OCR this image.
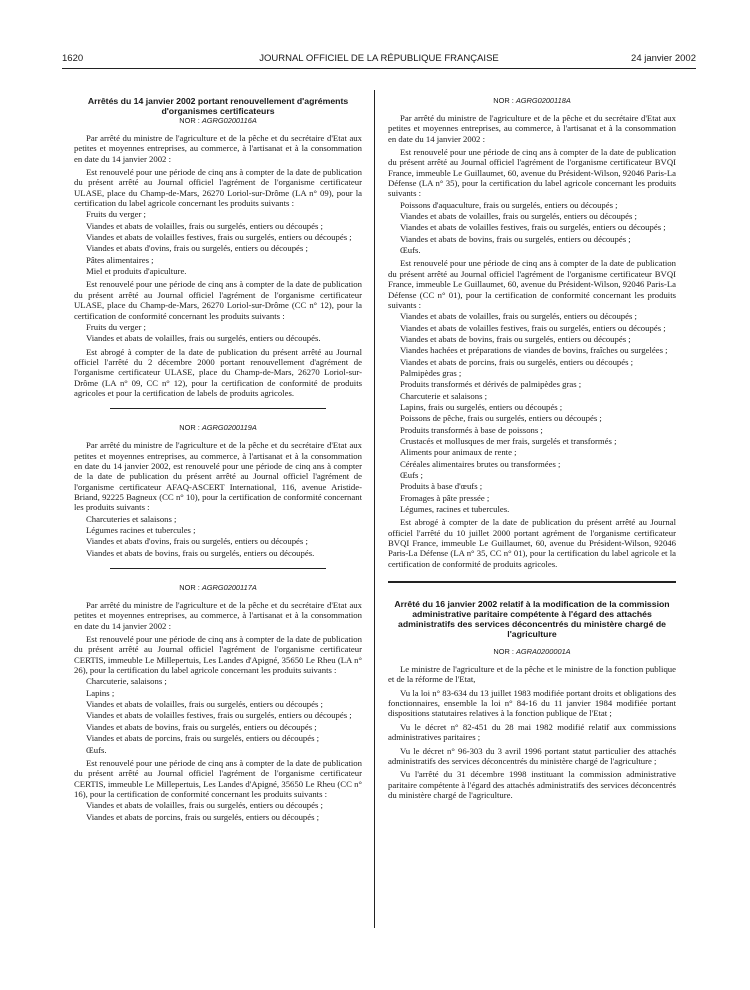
1620	JOURNAL OFFICIEL DE LA RÉPUBLIQUE FRANÇAISE	24 janvier 2002
Arrêtés du 14 janvier 2002 portant renouvellement d'agréments d'organismes certificateurs
NOR : AGRG0200116A

Par arrêté du ministre de l'agriculture et de la pêche et du secrétaire d'Etat aux petites et moyennes entreprises, au commerce, à l'artisanat et à la consommation en date du 14 janvier 2002 :

Est renouvelé pour une période de cinq ans à compter de la date de publication du présent arrêté au Journal officiel l'agrément de l'organisme certificateur ULASE, place du Champ-de-Mars, 26270 Loriol-sur-Drôme (LA n° 09), pour la certification du label agricole concernant les produits suivants :

Fruits du verger ;

Viandes et abats de volailles, frais ou surgelés, entiers ou découpés ;

Viandes et abats de volailles festives, frais ou surgelés, entiers ou découpés ;

Viandes et abats d'ovins, frais ou surgelés, entiers ou découpés ;

Pâtes alimentaires ;

Miel et produits d'apiculture.

Est renouvelé pour une période de cinq ans à compter de la date de publication du présent arrêté au Journal officiel l'agrément de l'organisme certificateur ULASE, place du Champ-de-Mars, 26270 Loriol-sur-Drôme (CC n° 12), pour la certification de conformité concernant les produits suivants :

Fruits du verger ;

Viandes et abats de volailles, frais ou surgelés, entiers ou découpés.

Est abrogé à compter de la date de publication du présent arrêté au Journal officiel l'arrêté du 2 décembre 2000 portant renouvellement d'agrément de l'organisme certificateur ULASE, place du Champ-de-Mars, 26270 Loriol-sur-Drôme (LA n° 09, CC n° 12), pour la certification de conformité de produits agricoles et pour la certification de labels de produits agricoles.

NOR : AGRG0200119A

Par arrêté du ministre de l'agriculture et de la pêche et du secrétaire d'Etat aux petites et moyennes entreprises, au commerce, à l'artisanat et à la consommation en date du 14 janvier 2002, est renouvelé pour une période de cinq ans à compter de la date de publication du présent arrêté au Journal officiel l'agrément de l'organisme certificateur AFAQ-ASCERT International, 116, avenue Aristide-Briand, 92225 Bagneux (CC n° 10), pour la certification de conformité concernant les produits suivants :

Charcuteries et salaisons ;

Légumes racines et tubercules ;

Viandes et abats d'ovins, frais ou surgelés, entiers ou découpés ;

Viandes et abats de bovins, frais ou surgelés, entiers ou découpés.

NOR : AGRG0200117A

Par arrêté du ministre de l'agriculture et de la pêche et du secrétaire d'Etat aux petites et moyennes entreprises, au commerce, à l'artisanat et à la consommation en date du 14 janvier 2002 :

Est renouvelé pour une période de cinq ans à compter de la date de publication du présent arrêté au Journal officiel l'agrément de l'organisme certificateur CERTIS, immeuble Le Millepertuis, Les Landes d'Apigné, 35650 Le Rheu (LA n° 26), pour la certification du label agricole concernant les produits suivants :

Charcuterie, salaisons ;

Lapins ;

Viandes et abats de volailles, frais ou surgelés, entiers ou découpés ;

Viandes et abats de volailles festives, frais ou surgelés, entiers ou découpés ;

Viandes et abats de bovins, frais ou surgelés, entiers ou découpés ;

Viandes et abats de porcins, frais ou surgelés, entiers ou découpés ;

Œufs.

Est renouvelé pour une période de cinq ans à compter de la date de publication du présent arrêté au Journal officiel l'agrément de l'organisme certificateur CERTIS, immeuble Le Millepertuis, Les Landes d'Apigné, 35650 Le Rheu (CC n° 16), pour la certification de conformité concernant les produits suivants :

Viandes et abats de volailles, frais ou surgelés, entiers ou découpés ;

Viandes et abats de porcins, frais ou surgelés, entiers ou découpés ;

NOR : AGRG0200118A

Par arrêté du ministre de l'agriculture et de la pêche et du secrétaire d'Etat aux petites et moyennes entreprises, au commerce, à l'artisanat et à la consommation en date du 14 janvier 2002 :

Est renouvelé pour une période de cinq ans à compter de la date de publication du présent arrêté au Journal officiel l'agrément de l'organisme certificateur BVQI France, immeuble Le Guillaumet, 60, avenue du Président-Wilson, 92046 Paris-La Défense (LA n° 35), pour la certification du label agricole concernant les produits suivants :

Poissons d'aquaculture, frais ou surgelés, entiers ou découpés ;

Viandes et abats de volailles, frais ou surgelés, entiers ou découpés ;

Viandes et abats de volailles festives, frais ou surgelés, entiers ou découpés ;

Viandes et abats de bovins, frais ou surgelés, entiers ou découpés ;

Œufs.

Est renouvelé pour une période de cinq ans à compter de la date de publication du présent arrêté au Journal officiel l'agrément de l'organisme certificateur BVQI France, immeuble Le Guillaumet, 60, avenue du Président-Wilson, 92046 Paris-La Défense (CC n° 01), pour la certification de conformité concernant les produits suivants :

Viandes et abats de volailles, frais ou surgelés, entiers ou découpés ;

Viandes et abats de volailles festives, frais ou surgelés, entiers ou découpés ;

Viandes et abats de bovins, frais ou surgelés, entiers ou découpés ;

Viandes hachées et préparations de viandes de bovins, fraîches ou surgelées ;

Viandes et abats de porcins, frais ou surgelés, entiers ou découpés ;

Palmipèdes gras ;

Produits transformés et dérivés de palmipèdes gras ;

Charcuterie et salaisons ;

Lapins, frais ou surgelés, entiers ou découpés ;

Poissons de pêche, frais ou surgelés, entiers ou découpés ;

Produits transformés à base de poissons ;

Crustacés et mollusques de mer frais, surgelés et transformés ;

Aliments pour animaux de rente ;

Céréales alimentaires brutes ou transformées ;

Œufs ;

Produits à base d'œufs ;

Fromages à pâte pressée ;

Légumes, racines et tubercules.

Est abrogé à compter de la date de publication du présent arrêté au Journal officiel l'arrêté du 10 juillet 2000 portant agrément de l'organisme certificateur BVQI France, immeuble Le Guillaumet, 60, avenue du Président-Wilson, 92046 Paris-La Défense (LA n° 35, CC n° 01), pour la certification du label agricole et la certification de conformité de produits agricoles.

Arrêté du 16 janvier 2002 relatif à la modification de la commission administrative paritaire compétente à l'égard des attachés administratifs des services déconcentrés du ministère chargé de l'agriculture
NOR : AGRA0200001A

Le ministre de l'agriculture et de la pêche et le ministre de la fonction publique et de la réforme de l'Etat,

Vu la loi n° 83-634 du 13 juillet 1983 modifiée portant droits et obligations des fonctionnaires, ensemble la loi n° 84-16 du 11 janvier 1984 modifiée portant dispositions statutaires relatives à la fonction publique de l'Etat ;

Vu le décret n° 82-451 du 28 mai 1982 modifié relatif aux commissions administratives paritaires ;

Vu le décret n° 96-303 du 3 avril 1996 portant statut particulier des attachés administratifs des services déconcentrés du ministère chargé de l'agriculture ;

Vu l'arrêté du 31 décembre 1998 instituant la commission administrative paritaire compétente à l'égard des attachés administratifs des services déconcentrés du ministère chargé de l'agriculture.
